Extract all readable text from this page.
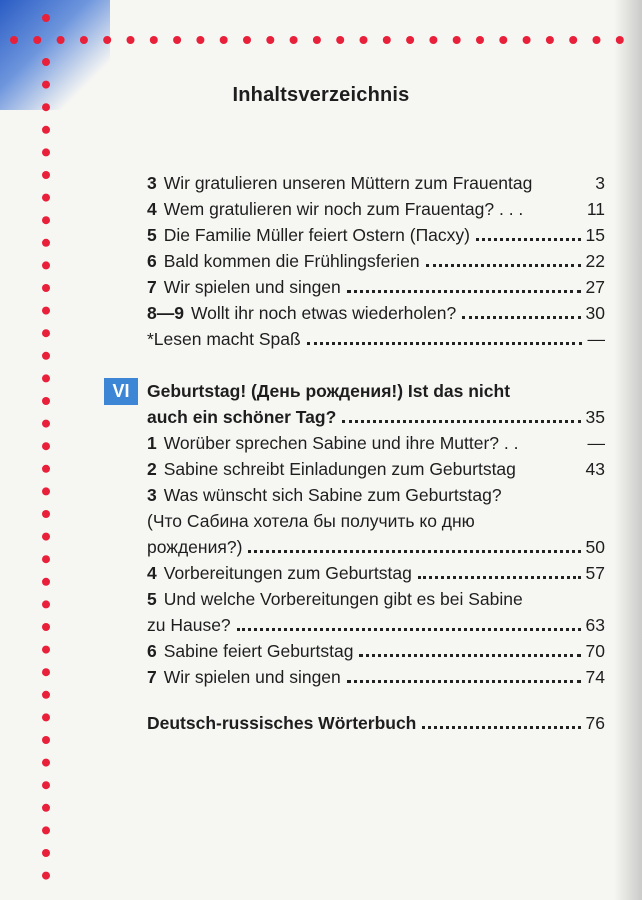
Inhaltsverzeichnis
3 Wir gratulieren unseren Müttern zum Frauentag	3
4 Wem gratulieren wir noch zum Frauentag? . . .	11
5 Die Familie Müller feiert Ostern (Пасху)	15
6 Bald kommen die Frühlingsferien	22
7 Wir spielen und singen	27
8—9 Wollt ihr noch etwas wiederholen?	30
*Lesen macht Spaß	—
VI	Geburtstag! (День рождения!) Ist das nicht
auch ein schöner Tag?	35
1 Worüber sprechen Sabine und ihre Mutter? . .	—
2 Sabine schreibt Einladungen zum Geburtstag	43
3 Was wünscht sich Sabine zum Geburtstag?
(Что Сабина хотела бы получить ко дню
рождения?)	50
4 Vorbereitungen zum Geburtstag	57
5 Und welche Vorbereitungen gibt es bei Sabine
zu Hause?	63
6 Sabine feiert Geburtstag	70
7 Wir spielen und singen	74
Deutsch-russisches Wörterbuch	76
